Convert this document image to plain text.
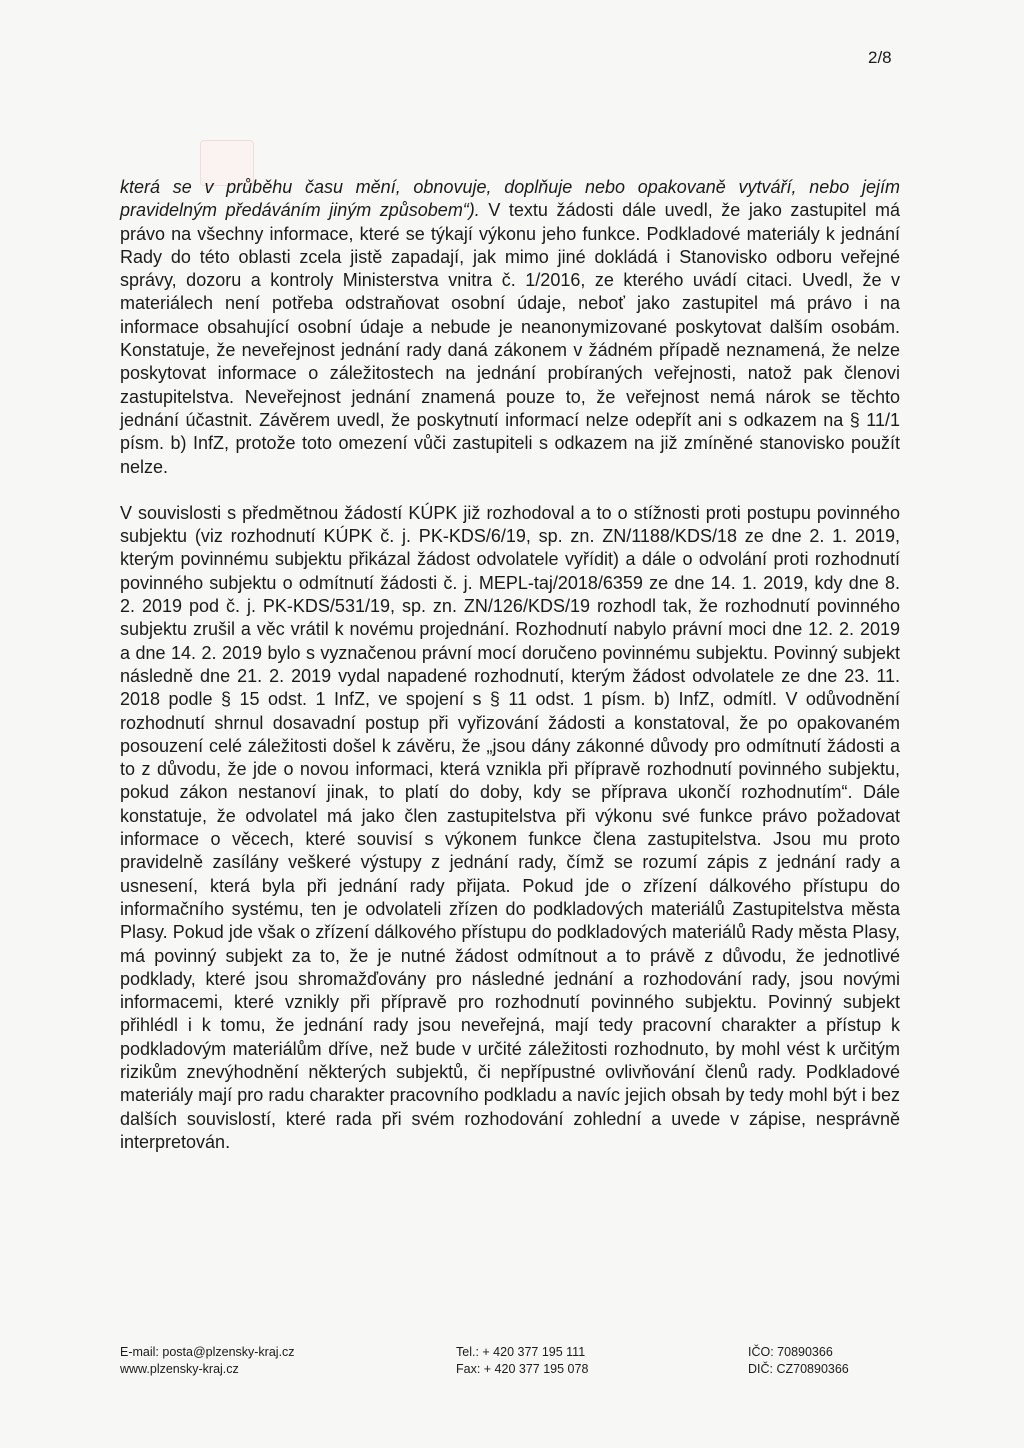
2/8

která se v průběhu času mění, obnovuje, doplňuje nebo opakovaně vytváří, nebo jejím pravidelným předáváním jiným způsobem“). V textu žádosti dále uvedl, že jako zastupitel má právo na všechny informace, které se týkají výkonu jeho funkce. Podkladové materiály k jednání Rady do této oblasti zcela jistě zapadají, jak mimo jiné dokládá i Stanovisko odboru veřejné správy, dozoru a kontroly Ministerstva vnitra č. 1/2016, ze kterého uvádí citaci. Uvedl, že v materiálech není potřeba odstraňovat osobní údaje, neboť jako zastupitel má právo i na informace obsahující osobní údaje a nebude je neanonymizované poskytovat dalším osobám. Konstatuje, že neveřejnost jednání rady daná zákonem v žádném případě neznamená, že nelze poskytovat informace o záležitostech na jednání probíraných veřejnosti, natož pak členovi zastupitelstva. Neveřejnost jednání znamená pouze to, že veřejnost nemá nárok se těchto jednání účastnit. Závěrem uvedl, že poskytnutí informací nelze odepřít ani s odkazem na § 11/1 písm. b) InfZ, protože toto omezení vůči zastupiteli s odkazem na již zmíněné stanovisko použít nelze.

V souvislosti s předmětnou žádostí KÚPK již rozhodoval a to o stížnosti proti postupu povinného subjektu (viz rozhodnutí KÚPK č. j. PK-KDS/6/19, sp. zn. ZN/1188/KDS/18 ze dne 2. 1. 2019, kterým povinnému subjektu přikázal žádost odvolatele vyřídit) a dále o odvolání proti rozhodnutí povinného subjektu o odmítnutí žádosti č. j. MEPL-taj/2018/6359 ze dne 14. 1. 2019, kdy dne 8. 2. 2019 pod č. j. PK-KDS/531/19, sp. zn. ZN/126/KDS/19 rozhodl tak, že rozhodnutí povinného subjektu zrušil a věc vrátil k novému projednání. Rozhodnutí nabylo právní moci dne 12. 2. 2019 a dne 14. 2. 2019 bylo s vyznačenou právní mocí doručeno povinnému subjektu. Povinný subjekt následně dne 21. 2. 2019 vydal napadené rozhodnutí, kterým žádost odvolatele ze dne 23. 11. 2018 podle § 15 odst. 1 InfZ, ve spojení s § 11 odst. 1 písm. b) InfZ, odmítl. V odůvodnění rozhodnutí shrnul dosavadní postup při vyřizování žádosti a konstatoval, že po opakovaném posouzení celé záležitosti došel k závěru, že „jsou dány zákonné důvody pro odmítnutí žádosti a to z důvodu, že jde o novou informaci, která vznikla při přípravě rozhodnutí povinného subjektu, pokud zákon nestanoví jinak, to platí do doby, kdy se příprava ukončí rozhodnutím“. Dále konstatuje, že odvolatel má jako člen zastupitelstva při výkonu své funkce právo požadovat informace o věcech, které souvisí s výkonem funkce člena zastupitelstva. Jsou mu proto pravidelně zasílány veškeré výstupy z jednání rady, čímž se rozumí zápis z jednání rady a usnesení, která byla při jednání rady přijata. Pokud jde o zřízení dálkového přístupu do informačního systému, ten je odvolateli zřízen do podkladových materiálů Zastupitelstva města Plasy. Pokud jde však o zřízení dálkového přístupu do podkladových materiálů Rady města Plasy, má povinný subjekt za to, že je nutné žádost odmítnout a to právě z důvodu, že jednotlivé podklady, které jsou shromažďovány pro následné jednání a rozhodování rady, jsou novými informacemi, které vznikly při přípravě pro rozhodnutí povinného subjektu. Povinný subjekt přihlédl i k tomu, že jednání rady jsou neveřejná, mají tedy pracovní charakter a přístup k podkladovým materiálům dříve, než bude v určité záležitosti rozhodnuto, by mohl vést k určitým rizikům znevýhodnění některých subjektů, či nepřípustné ovlivňování členů rady. Podkladové materiály mají pro radu charakter pracovního podkladu a navíc jejich obsah by tedy mohl být i bez dalších souvislostí, které rada při svém rozhodování zohlední a uvede v zápise, nesprávně interpretován.

E-mail: posta@plzensky-kraj.cz
www.plzensky-kraj.cz
Tel.: + 420 377 195 111
Fax: + 420 377 195 078
IČO: 70890366
DIČ: CZ70890366
